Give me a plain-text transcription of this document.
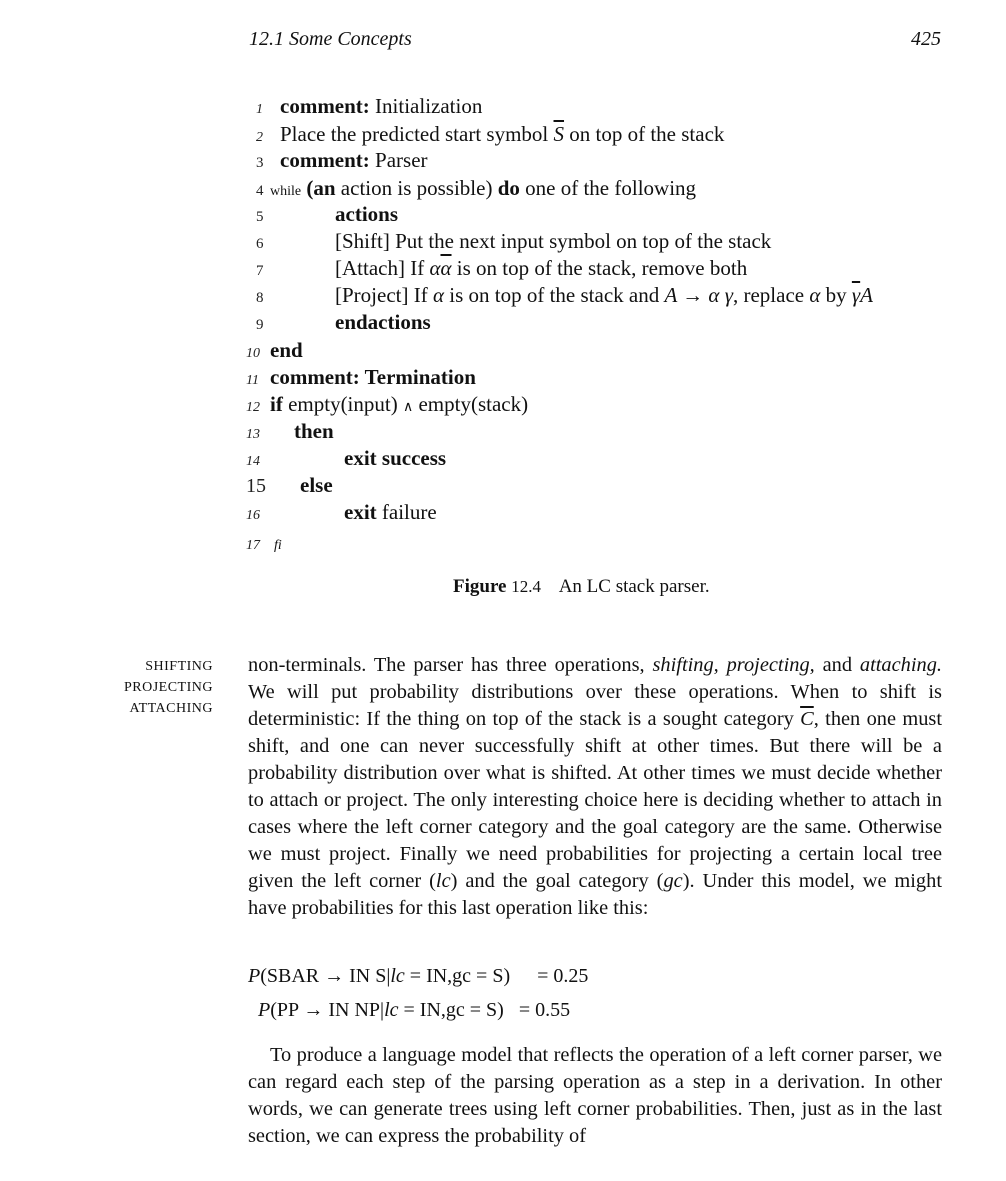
12.1 Some Concepts	425
1 comment: Initialization
2 Place the predicted start symbol $\overline{S}$ on top of the stack
3 comment: Parser
4 while (an action is possible) do one of the following
5	actions
6	[Shift] Put the next input symbol on top of the stack
7	[Attach] If $\alpha\overline{\alpha}$ is on top of the stack, remove both
8	[Project] If α is on top of the stack and A → α γ, replace α by $\overline{\gamma}A$
9	endactions
10 end
11 comment: Termination
12 if empty(input) ∧ empty(stack)
13 then
14	exit success
15 else
16	exit failure
17 fi
Figure 12.4 An LC stack parser.
SHIFTING
PROJECTING
ATTACHING
non-terminals. The parser has three operations, shifting, projecting, and attaching. We will put probability distributions over these operations. When to shift is deterministic: If the thing on top of the stack is a sought category $\overline{C}$, then one must shift, and one can never successfully shift at other times. But there will be a probability distribution over what is shifted. At other times we must decide whether to attach or project. The only interesting choice here is deciding whether to attach in cases where the left corner category and the goal category are the same. Otherwise we must project. Finally we need probabilities for projecting a certain local tree given the left corner (lc) and the goal category (gc). Under this model, we might have probabilities for this last operation like this:
P(SBAR → IN S|lc = IN,gc = S) = 0.25
P(PP → IN NP|lc = IN,gc = S) = 0.55
To produce a language model that reflects the operation of a left corner parser, we can regard each step of the parsing operation as a step in a derivation. In other words, we can generate trees using left corner probabilities. Then, just as in the last section, we can express the probability of
